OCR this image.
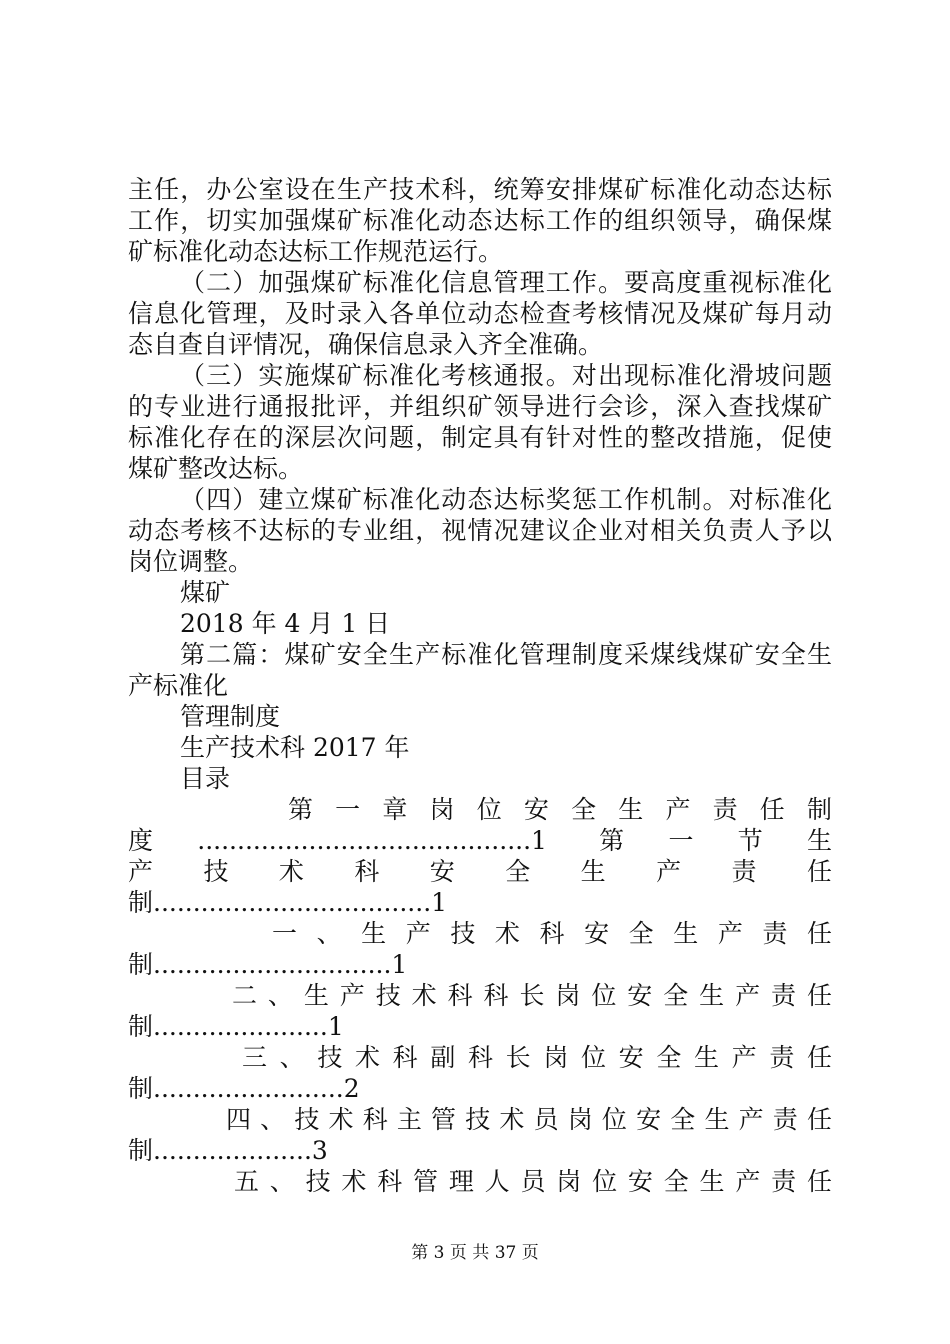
主任，办公室设在生产技术科，统筹安排煤矿标准化动态达标
工作，切实加强煤矿标准化动态达标工作的组织领导，确保煤
矿标准化动态达标工作规范运行。
（二）加强煤矿标准化信息管理工作。要高度重视标准化
信息化管理，及时录入各单位动态检查考核情况及煤矿每月动
态自查自评情况，确保信息录入齐全准确。
（三）实施煤矿标准化考核通报。对出现标准化滑坡问题
的专业进行通报批评，并组织矿领导进行会诊，深入查找煤矿
标准化存在的深层次问题，制定具有针对性的整改措施，促使
煤矿整改达标。
（四）建立煤矿标准化动态达标奖惩工作机制。对标准化
动态考核不达标的专业组，视情况建议企业对相关负责人予以
岗位调整。
煤矿
2018 年 4 月 1 日
第二篇：煤矿安全生产标准化管理制度采煤线煤矿安全生
产标准化
管理制度
生产技术科 2017 年
目录
第 一 章 岗 位 安 全 生 产 责 任 制
度..........................................1 第一节生
产 技 术 科 安 全 生 产 责 任
制...................................1
一 、 生 产 技 术 科 安 全 生 产 责 任
制..............................1
二 、 生 产 技 术 科 科 长 岗 位 安 全 生 产 责 任
制......................1
三 、 技 术 科 副 科 长 岗 位 安 全 生 产 责 任
制........................2
四 、 技 术 科 主 管 技 术 员 岗 位 安 全 生 产 责 任
制....................3
五 、 技 术 科 管 理 人 员 岗 位 安 全 生 产 责 任
第 3 页 共 37 页
